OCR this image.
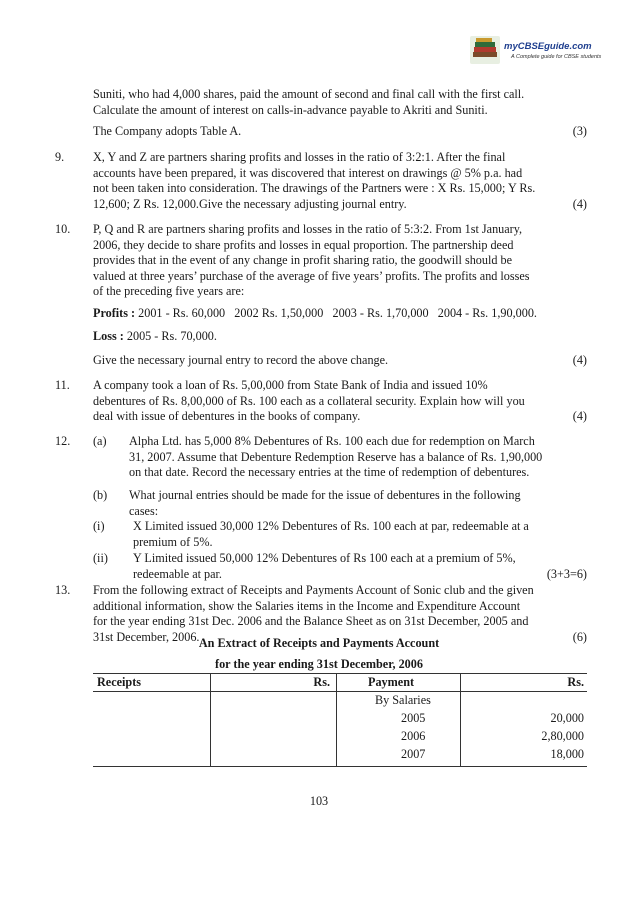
myCBSEguide.com
A Complete guide for CBSE students
Suniti, who had 4,000 shares, paid the amount of second and final call with the first call.
Calculate the amount of interest on calls-in-advance payable to Akriti and Suniti.
The Company adopts Table A.	(3)
9. X, Y and Z are partners sharing profits and losses in the ratio of 3:2:1. After the final
accounts have been prepared, it was discovered that interest on drawings @ 5% p.a. had
not been taken into consideration. The drawings of the Partners were : X Rs. 15,000; Y Rs.
12,600; Z Rs. 12,000.Give the necessary adjusting journal entry.	(4)
10. P, Q and R are partners sharing profits and losses in the ratio of 5:3:2. From 1st January,
2006, they decide to share profits and losses in equal proportion. The partnership deed
provides that in the event of any change in profit sharing ratio, the goodwill should be
valued at three years’ purchase of the average of five years’ profits. The profits and losses
of the preceding five years are:
Profits : 2001 - Rs. 60,000   2002 Rs. 1,50,000   2003 - Rs. 1,70,000   2004 - Rs. 1,90,000.
Loss : 2005 - Rs. 70,000.
Give the necessary journal entry to record the above change.	(4)
11. A company took a loan of Rs. 5,00,000 from State Bank of India and issued 10%
debentures of Rs. 8,00,000 of Rs. 100 each as a collateral security. Explain how will you
deal with issue of debentures in the books of company.	(4)
12. (a) Alpha Ltd. has 5,000 8% Debentures of Rs. 100 each due for redemption on March
31, 2007. Assume that Debenture Redemption Reserve has a balance of Rs. 1,90,000
on that date. Record the necessary entries at the time of redemption of debentures.
(b) What journal entries should be made for the issue of debentures in the following
cases:
(i) X Limited issued 30,000 12% Debentures of Rs. 100 each at par, redeemable at a
premium of 5%.
(ii) Y Limited issued 50,000 12% Debentures of Rs 100 each at a premium of 5%,
redeemable at par.	(3+3=6)
13. From the following extract of Receipts and Payments Account of Sonic club and the given
additional information, show the Salaries items in the Income and Expenditure Account
for the year ending 31st Dec. 2006 and the Balance Sheet as on 31st December, 2005 and
31st December, 2006.	(6)
An Extract of Receipts and Payments Account
for the year ending 31st December, 2006
Receipts	Rs.	Payment	Rs.
By Salaries
2005	20,000
2006	2,80,000
2007	18,000
103
